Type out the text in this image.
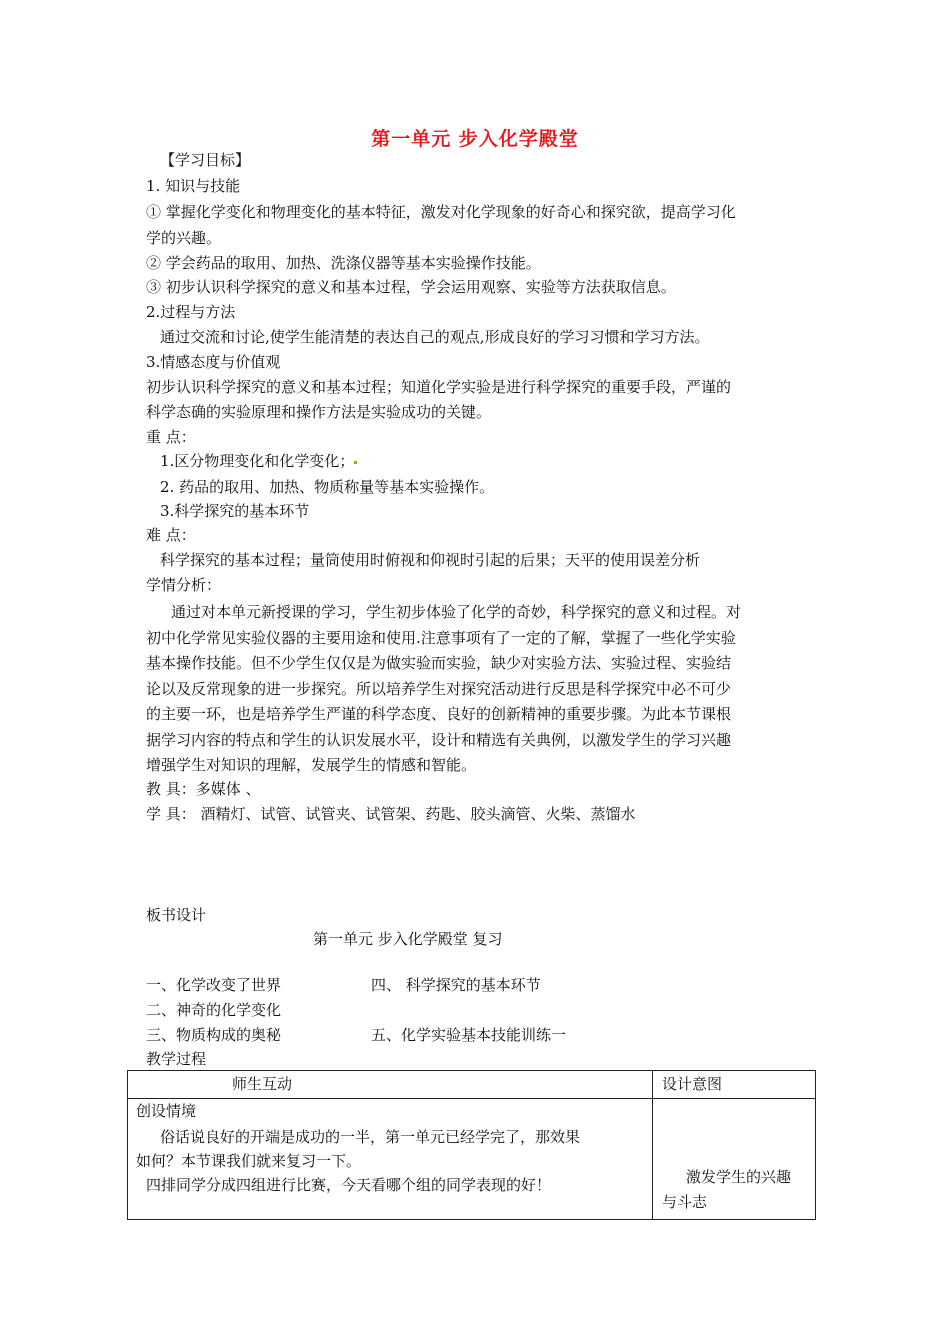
第一单元 步入化学殿堂
【学习目标】
1. 知识与技能
① 掌握化学变化和物理变化的基本特征，激发对化学现象的好奇心和探究欲，提高学习化
学的兴趣。
② 学会药品的取用、加热、洗涤仪器等基本实验操作技能。
③ 初步认识科学探究的意义和基本过程，学会运用观察、实验等方法获取信息。
2.过程与方法
通过交流和讨论,使学生能清楚的表达自己的观点,形成良好的学习习惯和学习方法。
3.情感态度与价值观
初步认识科学探究的意义和基本过程；知道化学实验是进行科学探究的重要手段，严谨的
科学态确的实验原理和操作方法是实验成功的关键。
重 点：
1.区分物理变化和化学变化；
2. 药品的取用、加热、物质称量等基本实验操作。
3.科学探究的基本环节
难 点：
科学探究的基本过程；量筒使用时俯视和仰视时引起的后果；天平的使用误差分析
学情分析：
通过对本单元新授课的学习，学生初步体验了化学的奇妙，科学探究的意义和过程。对
初中化学常见实验仪器的主要用途和使用.注意事项有了一定的了解，掌握了一些化学实验
基本操作技能。但不少学生仅仅是为做实验而实验，缺少对实验方法、实验过程、实验结
论以及反常现象的进一步探究。所以培养学生对探究活动进行反思是科学探究中必不可少
的主要一环，也是培养学生严谨的科学态度、良好的创新精神的重要步骤。为此本节课根
据学习内容的特点和学生的认识发展水平，设计和精选有关典例，以激发学生的学习兴趣
增强学生对知识的理解，发展学生的情感和智能。
教 具：多媒体 、
学 具： 酒精灯、试管、试管夹、试管架、药匙、胶头滴管、火柴、蒸馏水
板书设计
第一单元 步入化学殿堂 复习
一、化学改变了世界	四、 科学探究的基本环节
二、神奇的化学变化
三、物质构成的奥秘	五、化学实验基本技能训练一
教学过程
师生互动	设计意图
创设情境
俗话说良好的开端是成功的一半，第一单元已经学完了，那效果
如何？本节课我们就来复习一下。
四排同学分成四组进行比赛，今天看哪个组的同学表现的好！	激发学生的兴趣
与斗志
